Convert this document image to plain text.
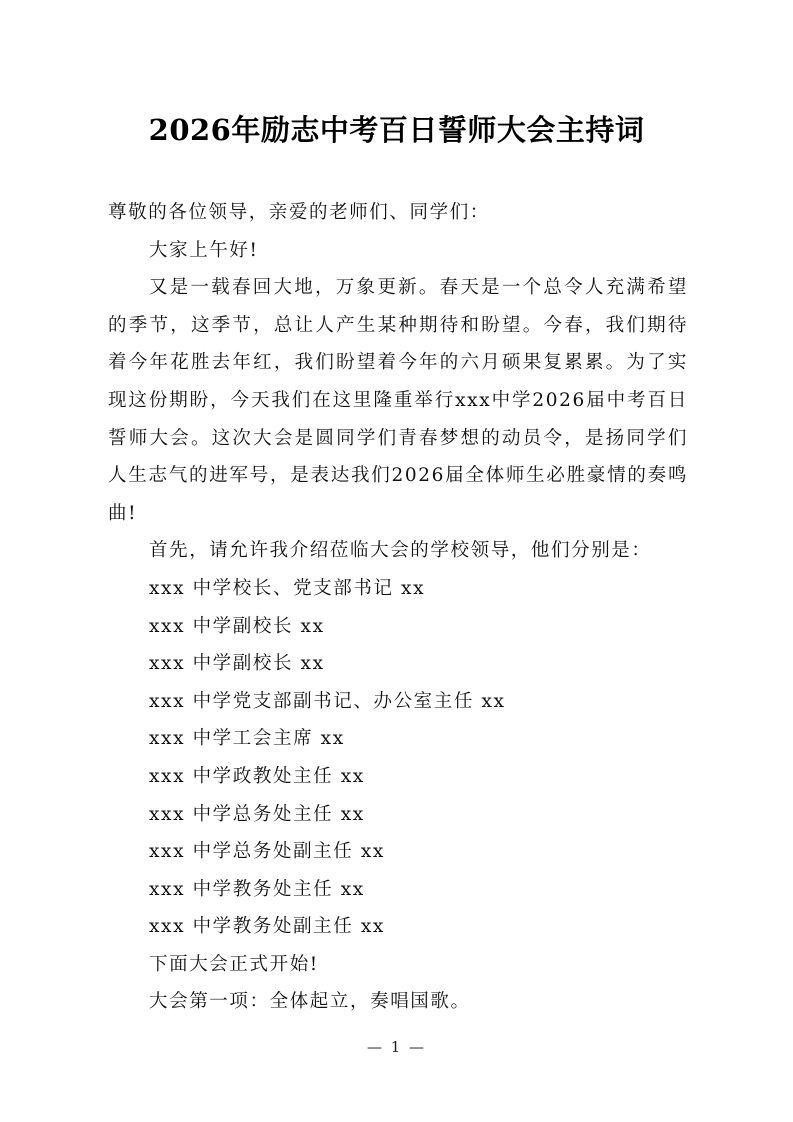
2026年励志中考百日誓师大会主持词

尊敬的各位领导，亲爱的老师们、同学们：

大家上午好!

又是一载春回大地，万象更新。春天是一个总令人充满希望的季节，这季节，总让人产生某种期待和盼望。今春，我们期待着今年花胜去年红，我们盼望着今年的六月硕果复累累。为了实现这份期盼，今天我们在这里隆重举行xxx中学2026届中考百日誓师大会。这次大会是圆同学们青春梦想的动员令，是扬同学们人生志气的进军号，是表达我们2026届全体师生必胜豪情的奏鸣曲!

首先，请允许我介绍莅临大会的学校领导，他们分别是：

xxx 中学校长、党支部书记 xx

xxx 中学副校长 xx

xxx 中学副校长 xx

xxx 中学党支部副书记、办公室主任 xx

xxx 中学工会主席 xx

xxx 中学政教处主任 xx

xxx 中学总务处主任 xx

xxx 中学总务处副主任 xx

xxx 中学教务处主任 xx

xxx 中学教务处副主任 xx

下面大会正式开始!

大会第一项：全体起立，奏唱国歌。

— 1 —
